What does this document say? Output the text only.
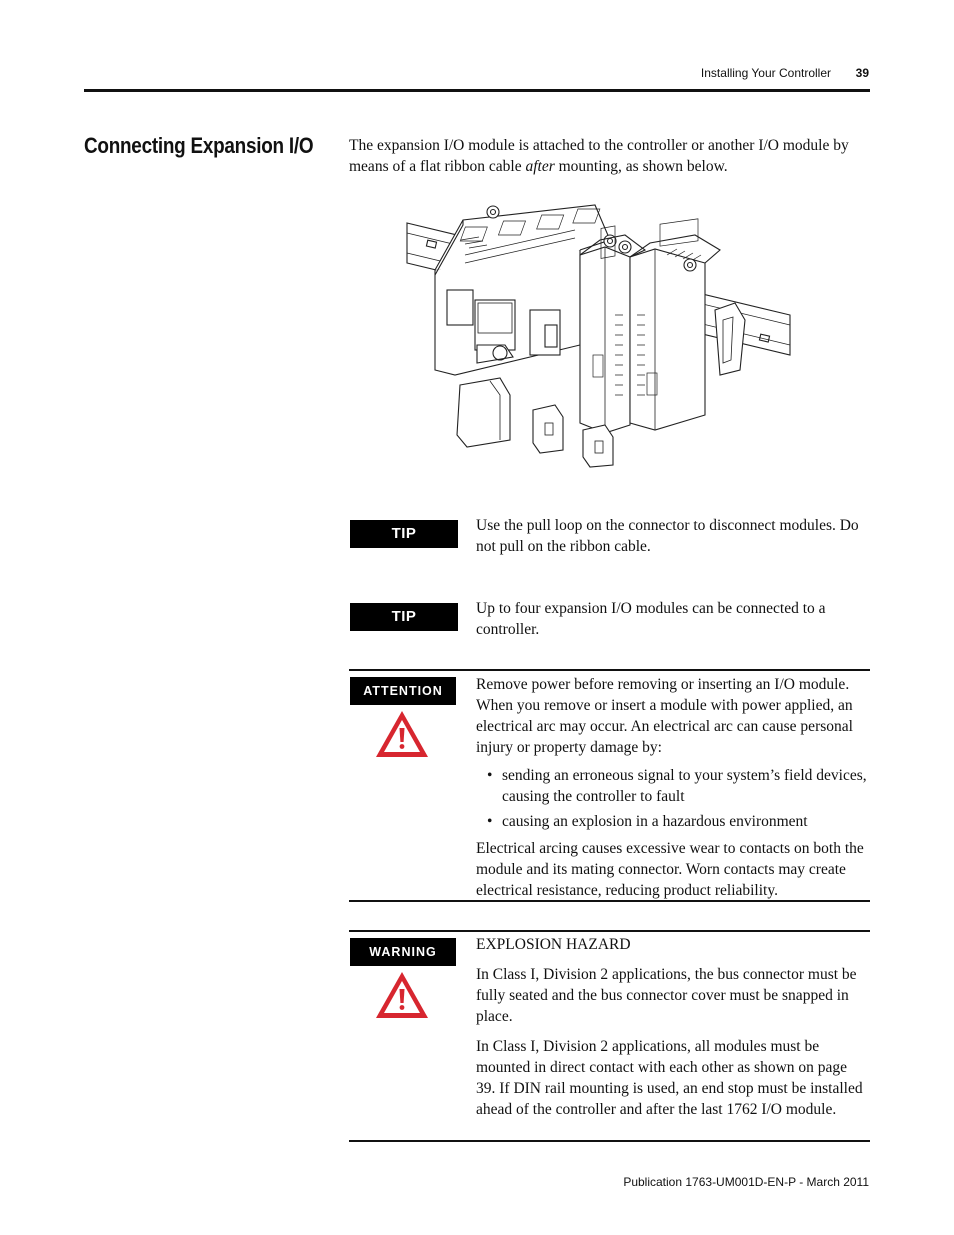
Installing Your Controller	39
Connecting Expansion I/O The expansion I/O module is attached to the controller or another I/O module by means of a flat ribbon cable after mounting, as shown below.
TIP	Use the pull loop on the connector to disconnect modules. Do not pull on the ribbon cable.
TIP	Up to four expansion I/O modules can be connected to a controller.
ATTENTION	Remove power before removing or inserting an I/O module. When you remove or insert a module with power applied, an electrical arc may occur. An electrical arc can cause personal injury or property damage by:

• sending an erroneous signal to your system’s field devices, causing the controller to fault
• causing an explosion in a hazardous environment

Electrical arcing causes excessive wear to contacts on both the module and its mating connector. Worn contacts may create electrical resistance, reducing product reliability.

WARNING	EXPLOSION HAZARD

In Class I, Division 2 applications, the bus connector must be fully seated and the bus connector cover must be snapped in place.

In Class I, Division 2 applications, all modules must be mounted in direct contact with each other as shown on page 39. If DIN rail mounting is used, an end stop must be installed ahead of the controller and after the last 1762 I/O module.

Publication 1763-UM001D-EN-P - March 2011
